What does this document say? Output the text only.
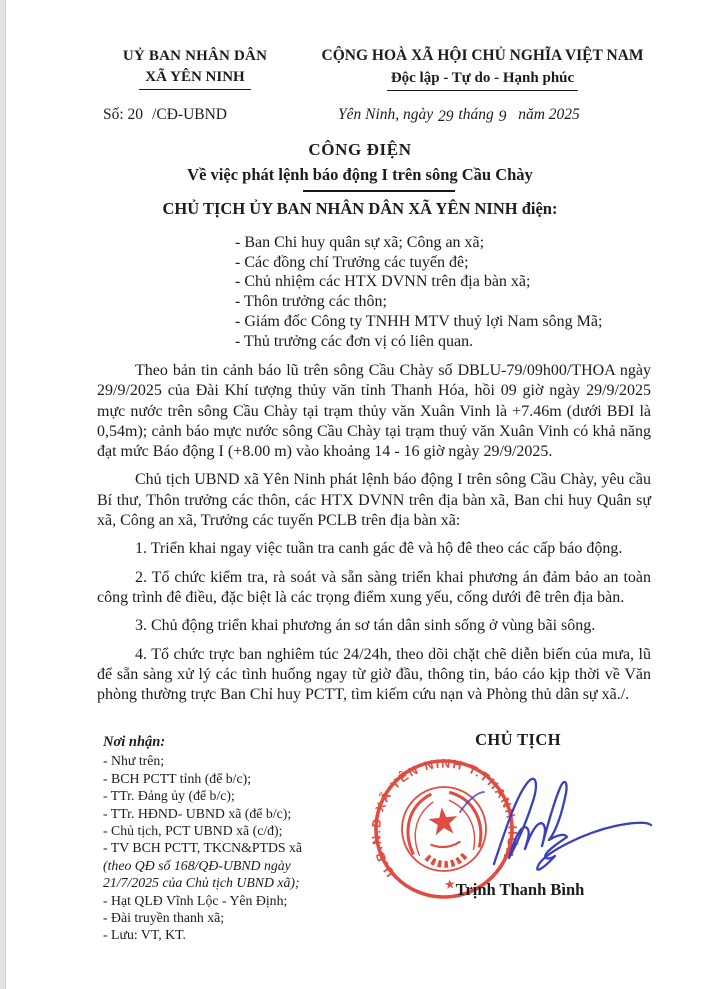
UỶ BAN NHÂN DÂN
XÃ YÊN NINH
CỘNG HOÀ XÃ HỘI CHỦ NGHĨA VIỆT NAM
Độc lập - Tự do - Hạnh phúc
Số: 20 /CĐ-UBND	Yên Ninh, ngày 29 tháng 9 năm 2025
CÔNG ĐIỆN
Về việc phát lệnh báo động I trên sông Cầu Chày
CHỦ TỊCH ỦY BAN NHÂN DÂN XÃ YÊN NINH điện:
- Ban Chi huy quân sự xã; Công an xã;
- Các đồng chí Trưởng các tuyến đê;
- Chủ nhiệm các HTX DVNN trên địa bàn xã;
- Thôn trưởng các thôn;
- Giám đốc Công ty TNHH MTV thuỷ lợi Nam sông Mã;
- Thủ trưởng các đơn vị có liên quan.

Theo bản tin cảnh báo lũ trên sông Cầu Chày số DBLU-79/09h00/THOA ngày 29/9/2025 của Đài Khí tượng thủy văn tỉnh Thanh Hóa, hồi 09 giờ ngày 29/9/2025 mực nước trên sông Cầu Chày tại trạm thủy văn Xuân Vinh là +7.46m (dưới BĐI là 0,54m); cảnh báo mực nước sông Cầu Chày tại trạm thuỷ văn Xuân Vinh có khả năng đạt mức Báo động I (+8.00 m) vào khoảng 14 - 16 giờ ngày 29/9/2025.

Chủ tịch UBND xã Yên Ninh phát lệnh báo động I trên sông Cầu Chày, yêu cầu Bí thư, Thôn trưởng các thôn, các HTX DVNN trên địa bàn xã, Ban chi huy Quân sự xã, Công an xã, Trưởng các tuyến PCLB trên địa bàn xã:

1. Triển khai ngay việc tuần tra canh gác đê và hộ đê theo các cấp báo động.

2. Tổ chức kiểm tra, rà soát và sẵn sàng triển khai phương án đảm bảo an toàn công trình đê điều, đặc biệt là các trọng điểm xung yếu, cống dưới đê trên địa bàn.

3. Chủ động triển khai phương án sơ tán dân sinh sống ở vùng bãi sông.

4. Tổ chức trực ban nghiêm túc 24/24h, theo dõi chặt chẽ diễn biến của mưa, lũ để sẵn sàng xử lý các tình huống ngay từ giờ đầu, thông tin, báo cáo kịp thời về Văn phòng thường trực Ban Chỉ huy PCTT, tìm kiếm cứu nạn và Phòng thủ dân sự xã./.

Nơi nhận:
- Như trên;
- BCH PCTT tỉnh (để b/c);
- TTr. Đảng ủy (để b/c);
- TTr. HĐND- UBND xã (để b/c);
- Chủ tịch, PCT UBND xã (c/đ);
- TV BCH PCTT, TKCN&PTDS xã
(theo QĐ số 168/QĐ-UBND ngày
21/7/2025 của Chủ tịch UBND xã);
- Hạt QLĐ Vĩnh Lộc - Yên Định;
- Đài truyền thanh xã;
- Lưu: VT, KT.
CHỦ TỊCH
U.B.N.D XÃ YÊN NINH T.THANH HÓA
★ Trịnh Thanh Bình
